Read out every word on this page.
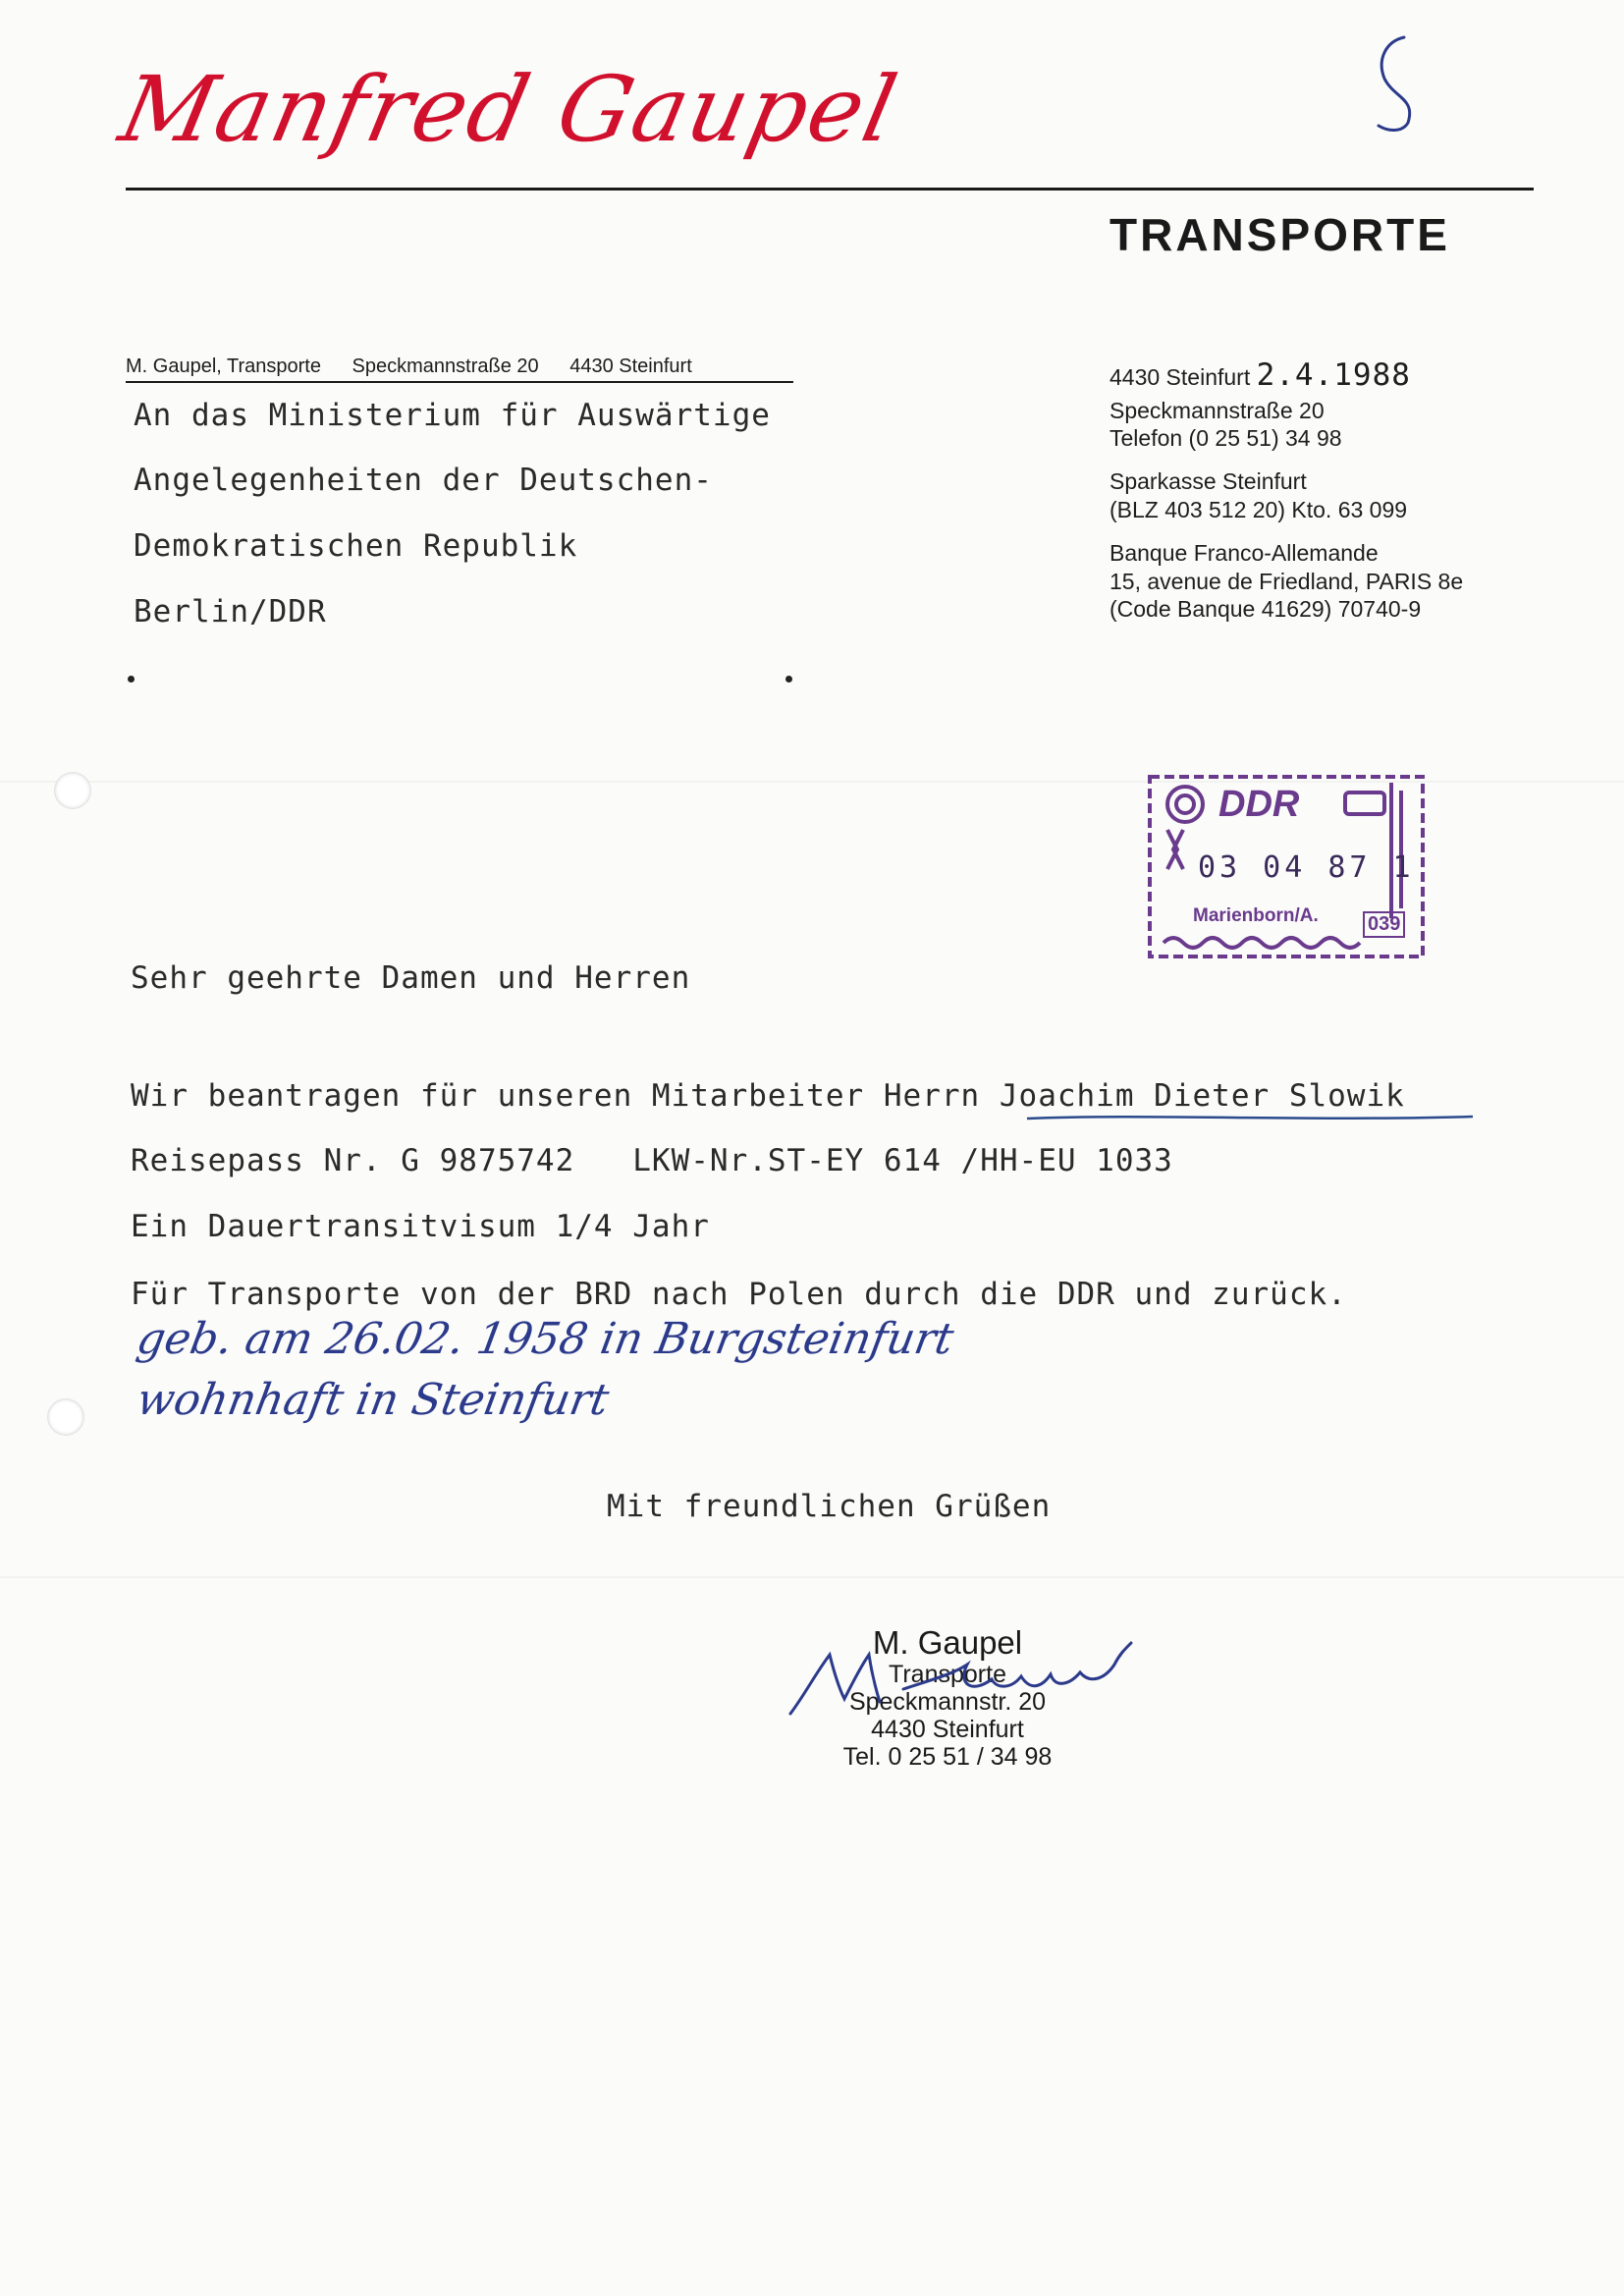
Manfred Gaupel
TRANSPORTE
M. Gaupel, Transporte Speckmannstraße 20 4430 Steinfurt
An das Ministerium für Auswärtige
Angelegenheiten der Deutschen-
Demokratischen Republik
Berlin/DDR
4430 Steinfurt 2.4.1988
Speckmannstraße 20
Telefon (0 25 51) 34 98
Sparkasse Steinfurt
(BLZ 403 512 20) Kto. 63 099
Banque Franco-Allemande
15, avenue de Friedland, PARIS 8e
(Code Banque 41629) 70740-9
DDR
03 04 87 1
Marienborn/A.	039
Sehr geehrte Damen und Herren
Wir beantragen für unseren Mitarbeiter Herrn Joachim Dieter Slowik
Reisepass Nr. G 9875742   LKW-Nr.ST-EY 614 /HH-EU 1033
Ein Dauertransitvisum 1/4 Jahr
Für Transporte von der BRD nach Polen durch die DDR und zurück.
geb. am 26.02. 1958 in Burgsteinfurt
wohnhaft in Steinfurt
Mit freundlichen Grüßen
M. Gaupel
Transporte
Speckmannstr. 20
4430 Steinfurt
Tel. 0 25 51 / 34 98
